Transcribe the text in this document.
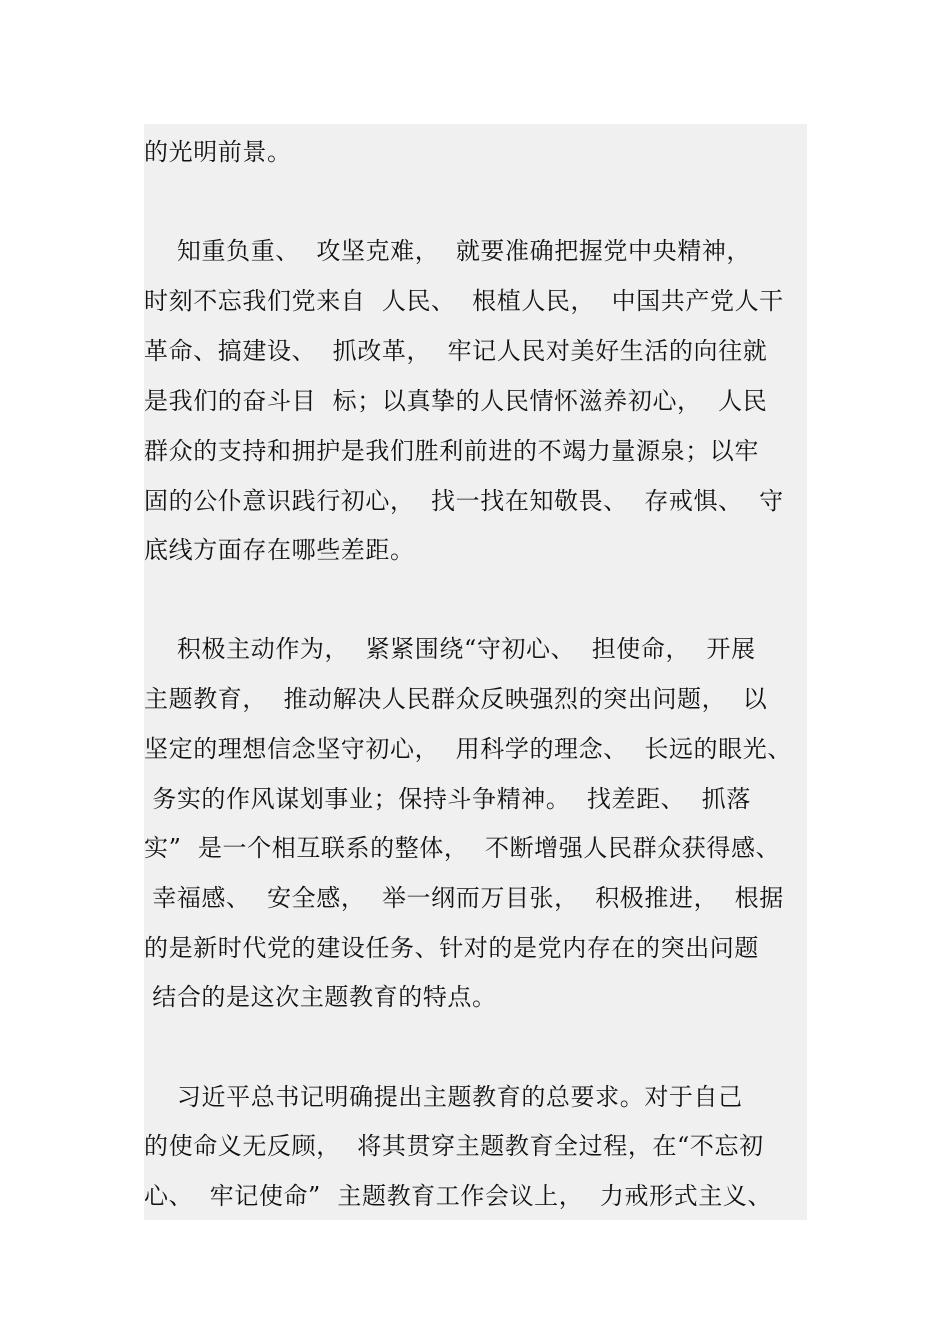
的光明前景。
知重负重、  攻坚克难，  就要准确把握党中央精神，
时刻不忘我们党来自  人民、  根植人民，  中国共产党人干
革命、搞建设、  抓改革，  牢记人民对美好生活的向往就
是我们的奋斗目  标；以真挚的人民情怀滋养初心，  人民
群众的支持和拥护是我们胜利前进的不竭力量源泉；以牢
固的公仆意识践行初心，  找一找在知敬畏、  存戒惧、  守
底线方面存在哪些差距。
积极主动作为，  紧紧围绕“守初心、  担使命，  开展
主题教育，  推动解决人民群众反映强烈的突出问题，  以
坚定的理想信念坚守初心，  用科学的理念、  长远的眼光、
务实的作风谋划事业；保持斗争精神。  找差距、  抓落
实”  是一个相互联系的整体，  不断增强人民群众获得感、
幸福感、  安全感，  举一纲而万目张，  积极推进，  根据
的是新时代党的建设任务、针对的是党内存在的突出问题
结合的是这次主题教育的特点。
习近平总书记明确提出主题教育的总要求。对于自己
的使命义无反顾，  将其贯穿主题教育全过程，在“不忘初
心、  牢记使命”  主题教育工作会议上，  力戒形式主义、
